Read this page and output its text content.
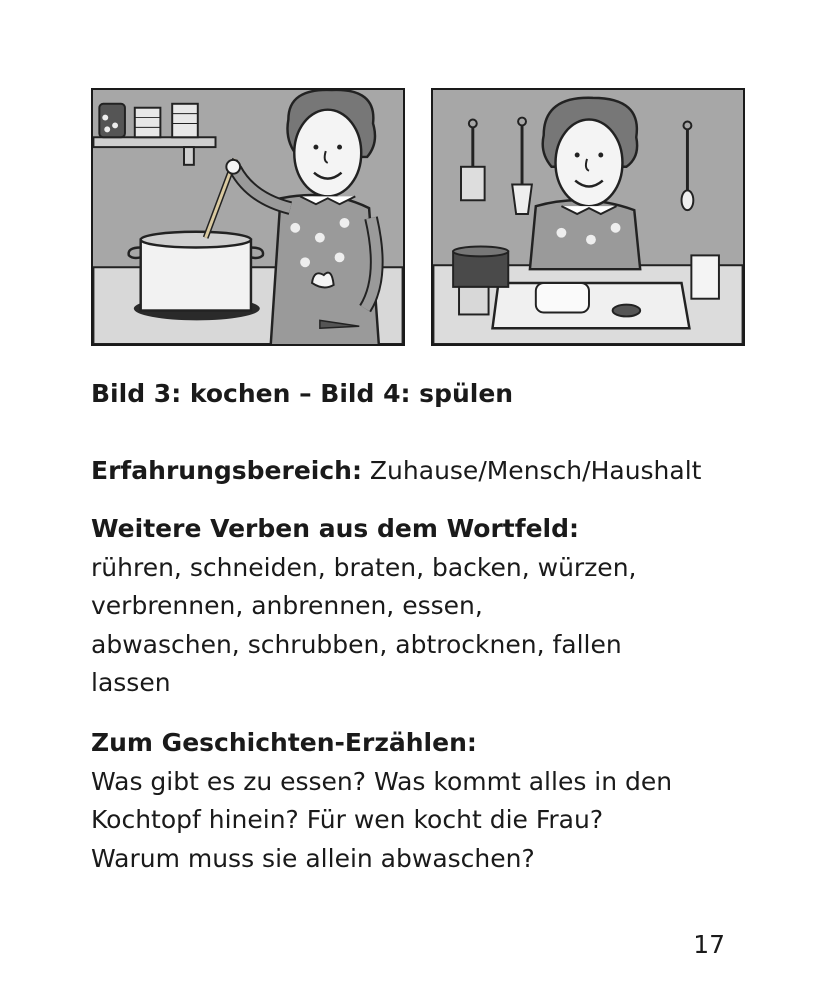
Bild 3: kochen – Bild 4: spülen
Erfahrungsbereich: Zuhause/Mensch/Haushalt

Weitere Verben aus dem Wortfeld:

rühren, schneiden, braten, backen, würzen,

verbrennen, anbrennen, essen,

abwaschen, schrubben, abtrocknen, fallen

lassen

Zum Geschichten-Erzählen:

Was gibt es zu essen? Was kommt alles in den

Kochtopf hinein? Für wen kocht die Frau?

Warum muss sie allein abwaschen?

17
